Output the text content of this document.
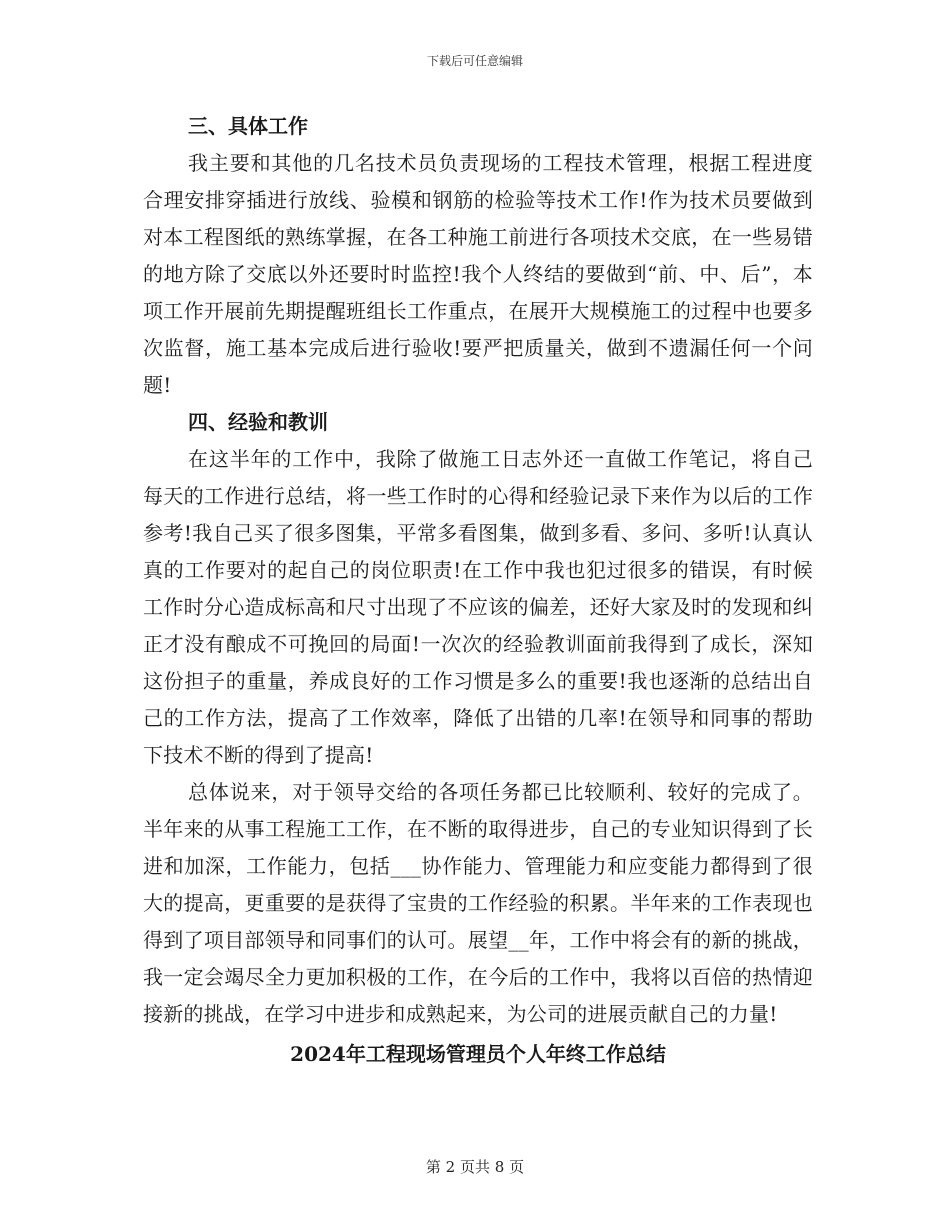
下载后可任意编辑
三、具体工作

我主要和其他的几名技术员负责现场的工程技术管理，根据工程进度合理安排穿插进行放线、验模和钢筋的检验等技术工作!作为技术员要做到对本工程图纸的熟练掌握，在各工种施工前进行各项技术交底，在一些易错的地方除了交底以外还要时时监控!我个人终结的要做到“前、中、后”，本项工作开展前先期提醒班组长工作重点，在展开大规模施工的过程中也要多次监督，施工基本完成后进行验收!要严把质量关，做到不遗漏任何一个问题!

四、经验和教训

在这半年的工作中，我除了做施工日志外还一直做工作笔记，将自己每天的工作进行总结，将一些工作时的心得和经验记录下来作为以后的工作参考!我自己买了很多图集，平常多看图集，做到多看、多问、多听!认真认真的工作要对的起自己的岗位职责!在工作中我也犯过很多的错误，有时候工作时分心造成标高和尺寸出现了不应该的偏差，还好大家及时的发现和纠正才没有酿成不可挽回的局面!一次次的经验教训面前我得到了成长，深知这份担子的重量，养成良好的工作习惯是多么的重要!我也逐渐的总结出自己的工作方法，提高了工作效率，降低了出错的几率!在领导和同事的帮助下技术不断的得到了提高!

总体说来，对于领导交给的各项任务都已比较顺利、较好的完成了。半年来的从事工程施工工作，在不断的取得进步，自己的专业知识得到了长进和加深，工作能力，包括___协作能力、管理能力和应变能力都得到了很大的提高，更重要的是获得了宝贵的工作经验的积累。半年来的工作表现也得到了项目部领导和同事们的认可。展望__年，工作中将会有的新的挑战，我一定会竭尽全力更加积极的工作，在今后的工作中，我将以百倍的热情迎接新的挑战，在学习中进步和成熟起来，为公司的进展贡献自己的力量!

2024年工程现场管理员个人年终工作总结
第 2 页共 8 页
